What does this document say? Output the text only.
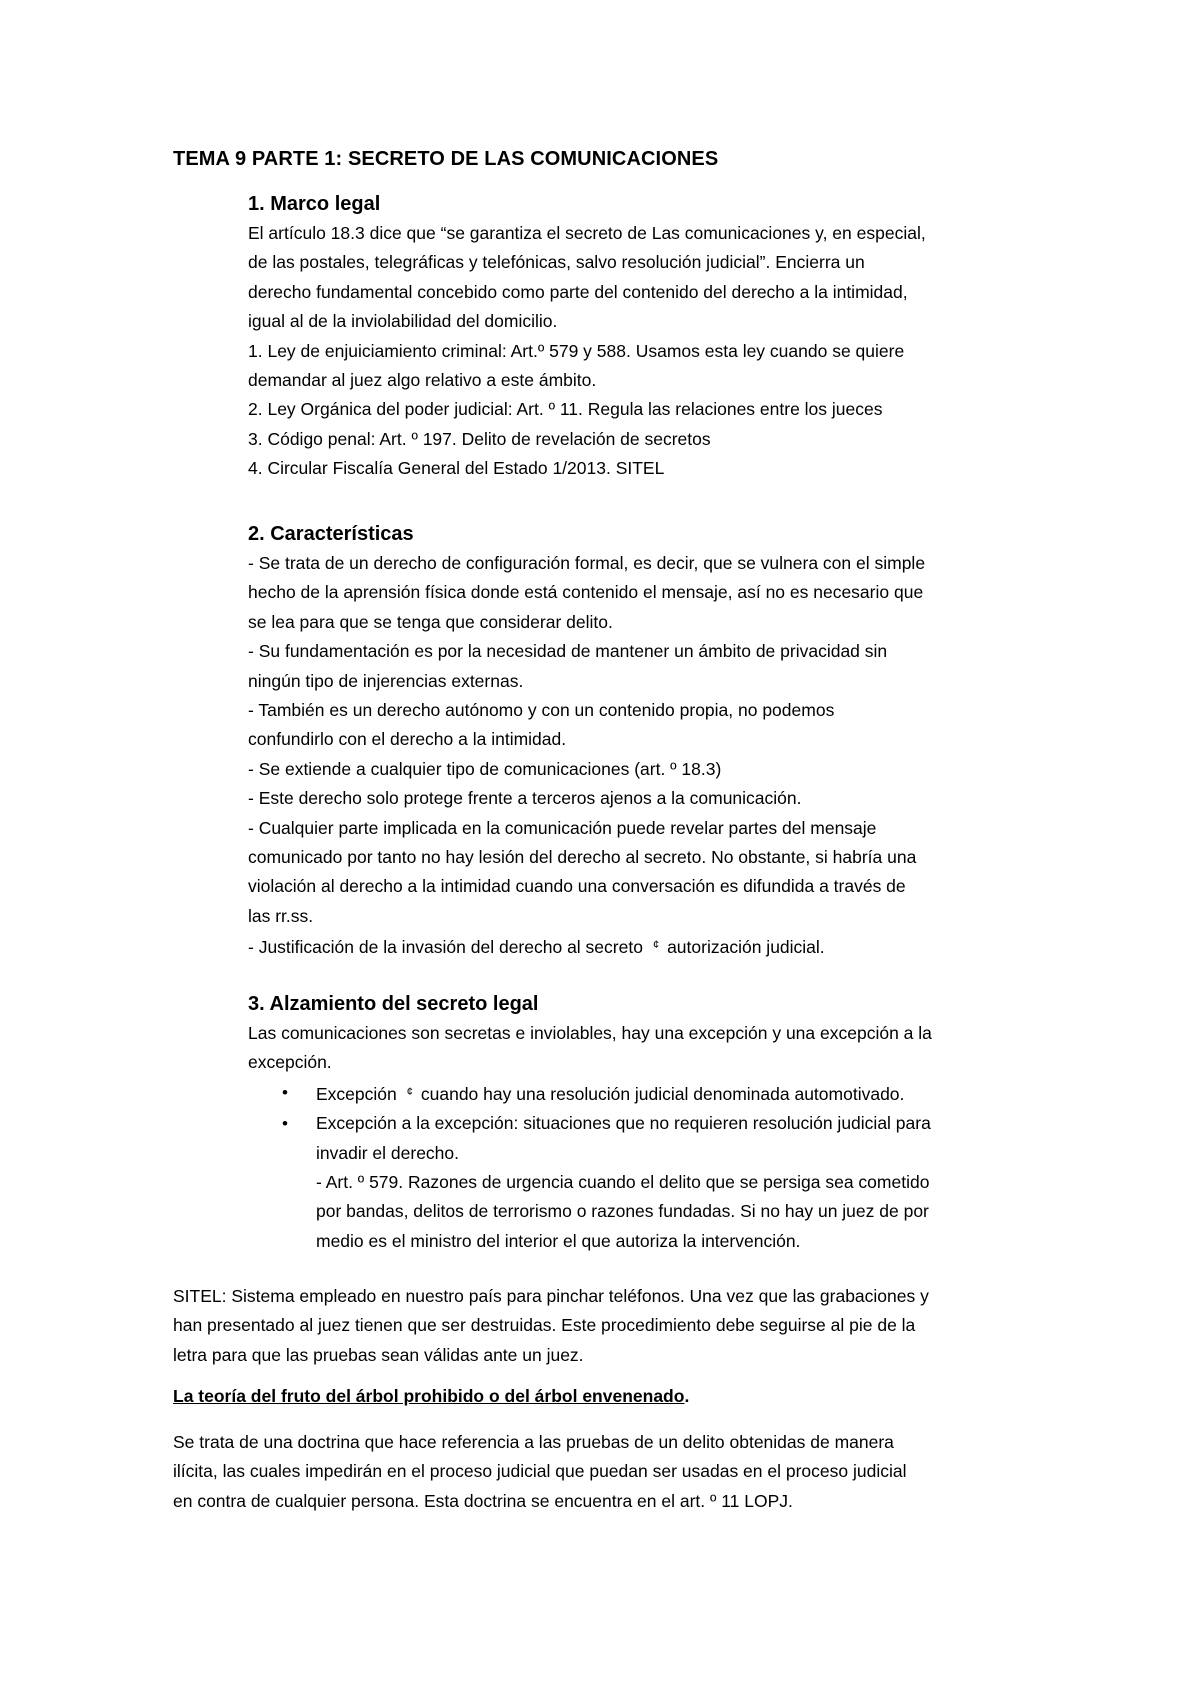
TEMA 9 PARTE 1: SECRETO DE LAS COMUNICACIONES
1. Marco legal
El artículo 18.3 dice que “se garantiza el secreto de Las comunicaciones y, en especial,
de las postales, telegráficas y telefónicas, salvo resolución judicial”. Encierra un
derecho fundamental concebido como parte del contenido del derecho a la intimidad,
igual al de la inviolabilidad del domicilio.
1. Ley de enjuiciamiento criminal: Art.º 579 y 588. Usamos esta ley cuando se quiere
demandar al juez algo relativo a este ámbito.
2. Ley Orgánica del poder judicial: Art. º 11. Regula las relaciones entre los jueces
3. Código penal: Art. º 197. Delito de revelación de secretos
4. Circular Fiscalía General del Estado 1/2013. SITEL
2. Características
- Se trata de un derecho de configuración formal, es decir, que se vulnera con el simple
hecho de la aprensión física donde está contenido el mensaje, así no es necesario que
se lea para que se tenga que considerar delito.
- Su fundamentación es por la necesidad de mantener un ámbito de privacidad sin
ningún tipo de injerencias externas.
- También es un derecho autónomo y con un contenido propia, no podemos
confundirlo con el derecho a la intimidad.
- Se extiende a cualquier tipo de comunicaciones (art. º 18.3)
- Este derecho solo protege frente a terceros ajenos a la comunicación.
- Cualquier parte implicada en la comunicación puede revelar partes del mensaje
comunicado por tanto no hay lesión del derecho al secreto. No obstante, si habría una
violación al derecho a la intimidad cuando una conversación es difundida a través de
las rr.ss.
- Justificación de la invasión del derecho al secreto ¢ autorización judicial.
3. Alzamiento del secreto legal
Las comunicaciones son secretas e inviolables, hay una excepción y una excepción a la
excepción.
• Excepción ¢ cuando hay una resolución judicial denominada automotivado.
• Excepción a la excepción: situaciones que no requieren resolución judicial para
invadir el derecho.
- Art. º 579. Razones de urgencia cuando el delito que se persiga sea cometido
por bandas, delitos de terrorismo o razones fundadas. Si no hay un juez de por
medio es el ministro del interior el que autoriza la intervención.
SITEL: Sistema empleado en nuestro país para pinchar teléfonos. Una vez que las grabaciones y
han presentado al juez tienen que ser destruidas. Este procedimiento debe seguirse al pie de la
letra para que las pruebas sean válidas ante un juez.
La teoría del fruto del árbol prohibido o del árbol envenenado.
Se trata de una doctrina que hace referencia a las pruebas de un delito obtenidas de manera
ilícita, las cuales impedirán en el proceso judicial que puedan ser usadas en el proceso judicial
en contra de cualquier persona. Esta doctrina se encuentra en el art. º 11 LOPJ.
